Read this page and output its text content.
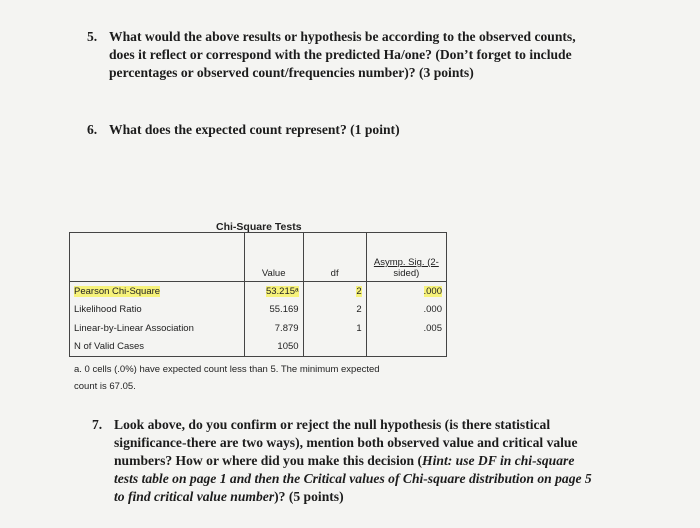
5. What would the above results or hypothesis be according to the observed counts,
does it reflect or correspond with the predicted Ha/one? (Don’t forget to include
percentages or observed count/frequencies number)? (3 points)
6. What does the expected count represent? (1 point)
Chi-Square Tests
	Value	df	Asymp. Sig. (2-
sided)
Pearson Chi-Square	53.215ᵃ	2	.000
Likelihood Ratio	55.169	2	.000
Linear-by-Linear Association	7.879	1	.005
N of Valid Cases	1050		
a. 0 cells (.0%) have expected count less than 5. The minimum expected
count is 67.05.
7. Look above, do you confirm or reject the null hypothesis (is there statistical
significance-there are two ways), mention both observed value and critical value
numbers? How or where did you make this decision (Hint: use DF in chi-square
tests table on page 1 and then the Critical values of Chi-square distribution on page 5
to find critical value number)? (5 points)
